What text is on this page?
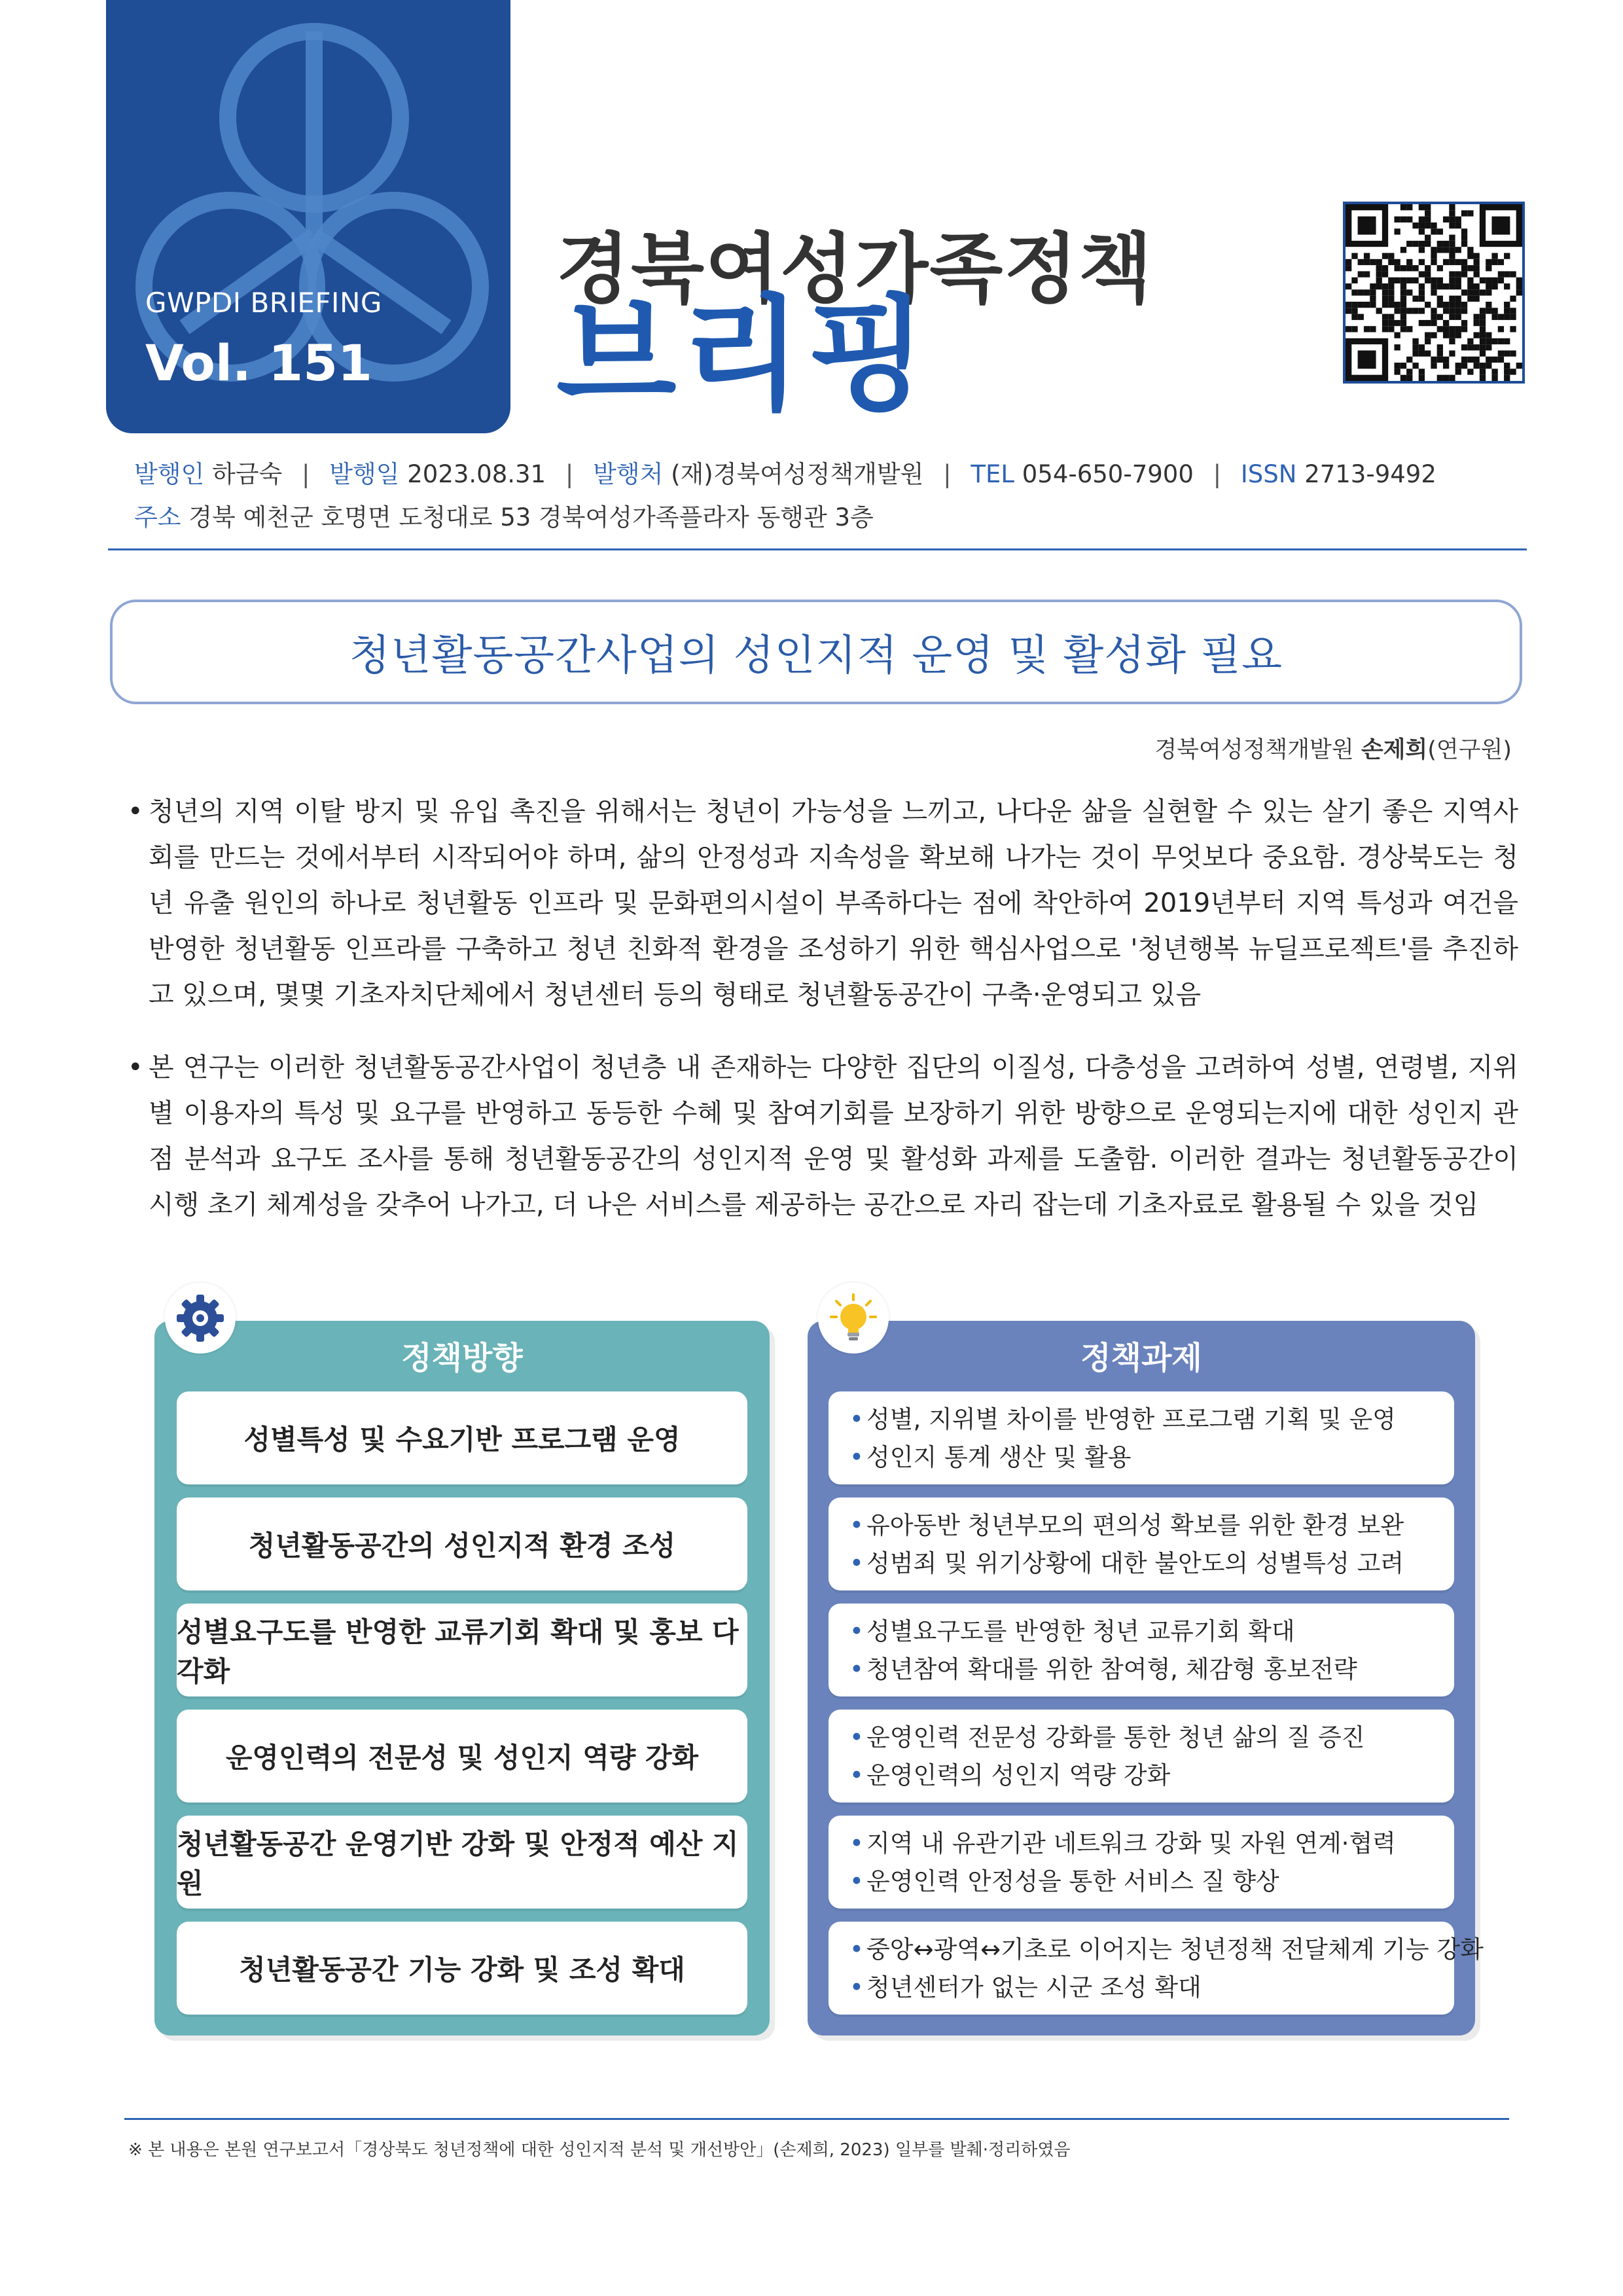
GWPDI BRIEFING
Vol. 151
경북여성가족정책
브리핑
발행인 하금숙 | 발행일 2023.08.31 | 발행처 (재)경북여성정책개발원 | TEL 054-650-7900 | ISSN 2713-9492
주소 경북 예천군 호명면 도청대로 53 경북여성가족플라자 동행관 3층
청년활동공간사업의 성인지적 운영 및 활성화 필요
경북여성정책개발원 손제희(연구원)
• 청년의 지역 이탈 방지 및 유입 촉진을 위해서는 청년이 가능성을 느끼고, 나다운 삶을 실현할 수 있는 살기 좋은 지역사회를 만드는 것에서부터 시작되어야 하며, 삶의 안정성과 지속성을 확보해 나가는 것이 무엇보다 중요함. 경상북도는 청년 유출 원인의 하나로 청년활동 인프라 및 문화편의시설이 부족하다는 점에 착안하여 2019년부터 지역 특성과 여건을 반영한 청년활동 인프라를 구축하고 청년 친화적 환경을 조성하기 위한 핵심사업으로 '청년행복 뉴딜프로젝트'를 추진하고 있으며, 몇몇 기초자치단체에서 청년센터 등의 형태로 청년활동공간이 구축·운영되고 있음
• 본 연구는 이러한 청년활동공간사업이 청년층 내 존재하는 다양한 집단의 이질성, 다층성을 고려하여 성별, 연령별, 지위별 이용자의 특성 및 요구를 반영하고 동등한 수혜 및 참여기회를 보장하기 위한 방향으로 운영되는지에 대한 성인지 관점 분석과 요구도 조사를 통해 청년활동공간의 성인지적 운영 및 활성화 과제를 도출함. 이러한 결과는 청년활동공간이 시행 초기 체계성을 갖추어 나가고, 더 나은 서비스를 제공하는 공간으로 자리 잡는데 기초자료로 활용될 수 있을 것임
정책방향
성별특성 및 수요기반 프로그램 운영
청년활동공간의 성인지적 환경 조성
성별요구도를 반영한 교류기회 확대 및 홍보 다각화
운영인력의 전문성 및 성인지 역량 강화
청년활동공간 운영기반 강화 및 안정적 예산 지원
청년활동공간 기능 강화 및 조성 확대
정책과제
• 성별, 지위별 차이를 반영한 프로그램 기획 및 운영
• 성인지 통계 생산 및 활용
• 유아동반 청년부모의 편의성 확보를 위한 환경 보완
• 성범죄 및 위기상황에 대한 불안도의 성별특성 고려
• 성별요구도를 반영한 청년 교류기회 확대
• 청년참여 확대를 위한 참여형, 체감형 홍보전략
• 운영인력 전문성 강화를 통한 청년 삶의 질 증진
• 운영인력의 성인지 역량 강화
• 지역 내 유관기관 네트워크 강화 및 자원 연계·협력
• 운영인력 안정성을 통한 서비스 질 향상
• 중앙↔광역↔기초로 이어지는 청년정책 전달체계 기능 강화
• 청년센터가 없는 시군 조성 확대
※ 본 내용은 본원 연구보고서「경상북도 청년정책에 대한 성인지적 분석 및 개선방안」(손제희, 2023) 일부를 발췌·정리하였음
